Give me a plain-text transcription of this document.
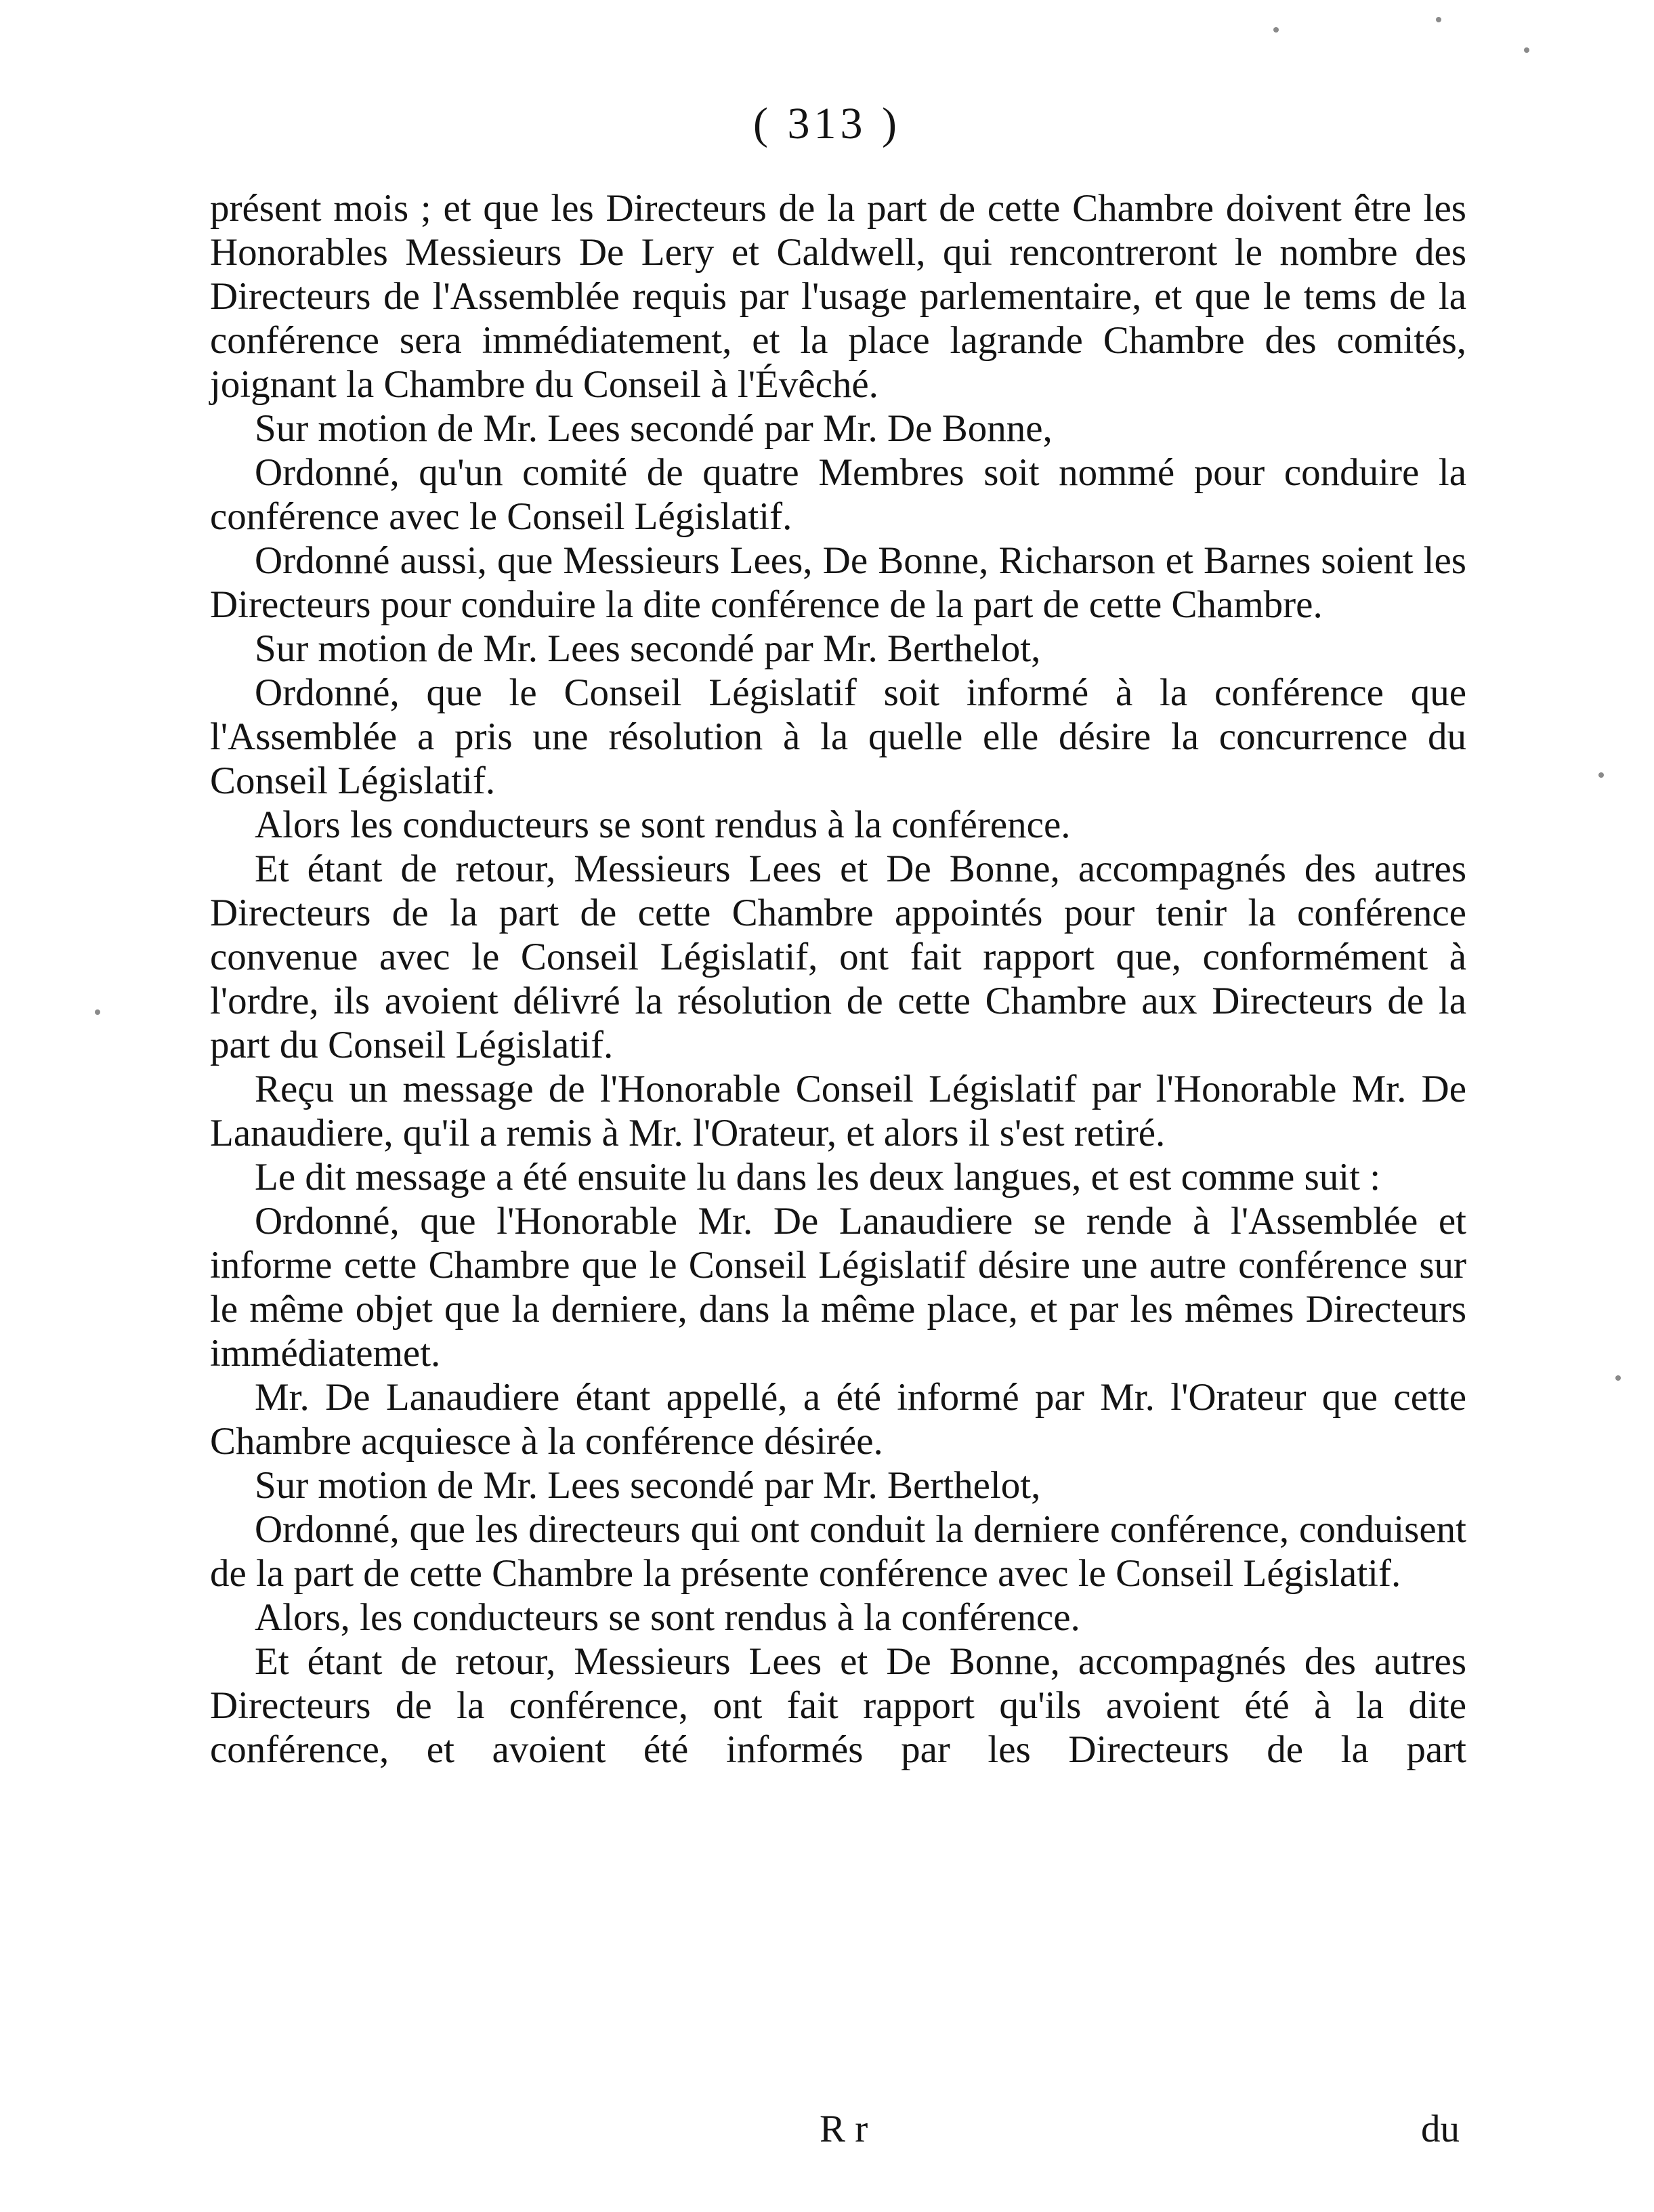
( 313 )

présent mois ; et que les Directeurs de la part de cette Chambre doivent être les Honorables Messieurs De Lery et Caldwell, qui rencontreront le nombre des Directeurs de l'Assemblée requis par l'usage parlementaire, et que le tems de la conférence sera immédiatement, et la place lagrande Chambre des comités, joignant la Chambre du Conseil à l'Évêché.

Sur motion de Mr. Lees secondé par Mr. De Bonne,

Ordonné, qu'un comité de quatre Membres soit nommé pour conduire la conférence avec le Conseil Législatif.

Ordonné aussi, que Messieurs Lees, De Bonne, Richarson et Barnes soient les Directeurs pour conduire la dite conférence de la part de cette Chambre.

Sur motion de Mr. Lees secondé par Mr. Berthelot,

Ordonné, que le Conseil Législatif soit informé à la conférence que l'Assemblée a pris une résolution à la quelle elle désire la concurrence du Conseil Législatif.

Alors les conducteurs se sont rendus à la conférence.

Et étant de retour, Messieurs Lees et De Bonne, accompagnés des autres Directeurs de la part de cette Chambre appointés pour tenir la conférence convenue avec le Conseil Législatif, ont fait rapport que, conformément à l'ordre, ils avoient délivré la résolution de cette Chambre aux Directeurs de la part du Conseil Législatif.

Reçu un message de l'Honorable Conseil Législatif par l'Honorable Mr. De Lanaudiere, qu'il a remis à Mr. l'Orateur, et alors il s'est retiré.

Le dit message a été ensuite lu dans les deux langues, et est comme suit :

Ordonné, que l'Honorable Mr. De Lanaudiere se rende à l'Assemblée et informe cette Chambre que le Conseil Législatif désire une autre conférence sur le même objet que la derniere, dans la même place, et par les mêmes Directeurs immédiatemet.

Mr. De Lanaudiere étant appellé, a été informé par Mr. l'Orateur que cette Chambre acquiesce à la conférence désirée.

Sur motion de Mr. Lees secondé par Mr. Berthelot,

Ordonné, que les directeurs qui ont conduit la derniere conférence, conduisent de la part de cette Chambre la présente conférence avec le Conseil Législatif.

Alors, les conducteurs se sont rendus à la conférence.

Et étant de retour, Messieurs Lees et De Bonne, accompagnés des autres Directeurs de la conférence, ont fait rapport qu'ils avoient été à la dite conférence, et avoient été informés par les Directeurs de la part

R r	du
